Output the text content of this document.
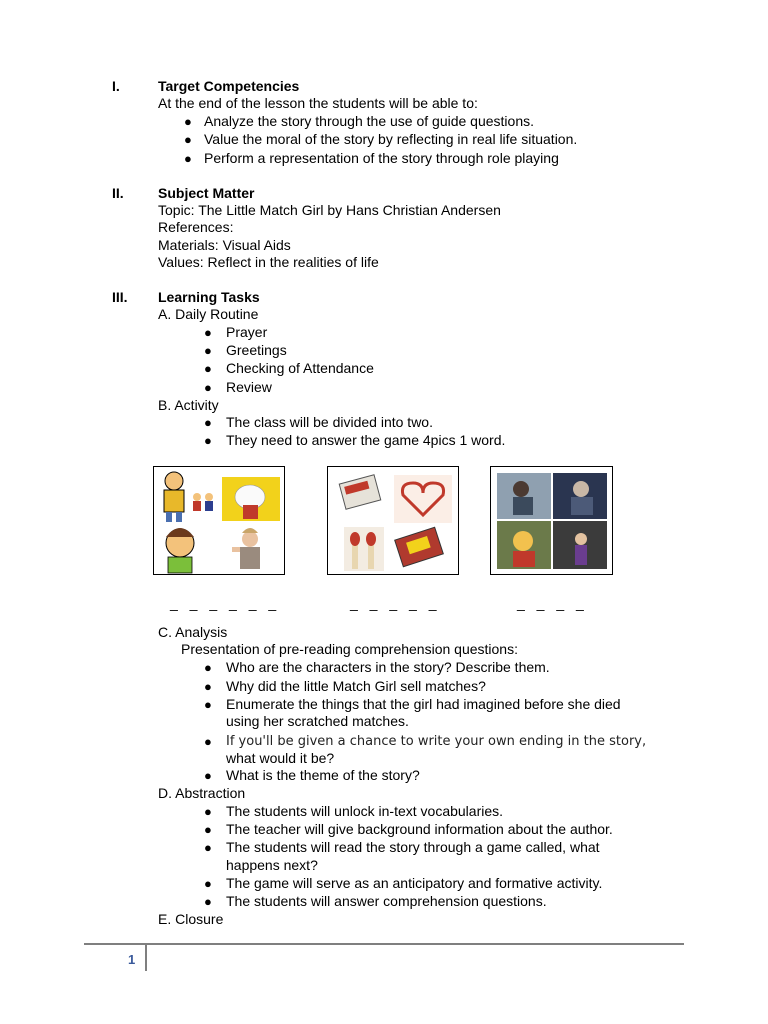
I.	Target Competencies
At the end of the lesson the students will be able to:
● Analyze the story through the use of guide questions.
● Value the moral of the story by reflecting in real life situation.
● Perform a representation of the story through role playing
II. Subject Matter
Topic: The Little Match Girl by Hans Christian Andersen
References:
Materials: Visual Aids
Values: Reflect in the realities of life
III. Learning Tasks
A. Daily Routine
● Prayer
● Greetings
● Checking of Attendance
● Review
B. Activity
● The class will be divided into two.
● They need to answer the game 4pics 1 word.
_ _ _ _ _ _	_ _ _ _ _	_ _ _ _
C. Analysis
Presentation of pre-reading comprehension questions:
● Who are the characters in the story? Describe them.
● Why did the little Match Girl sell matches?
● Enumerate the things that the girl had imagined before she died
using her scratched matches.
● If you'll be given a chance to write your own ending in the story,
what would it be?
● What is the theme of the story?
D. Abstraction
● The students will unlock in-text vocabularies.
● The teacher will give background information about the author.
● The students will read the story through a game called, what
happens next?
● The game will serve as an anticipatory and formative activity.
● The students will answer comprehension questions.
E. Closure
1
